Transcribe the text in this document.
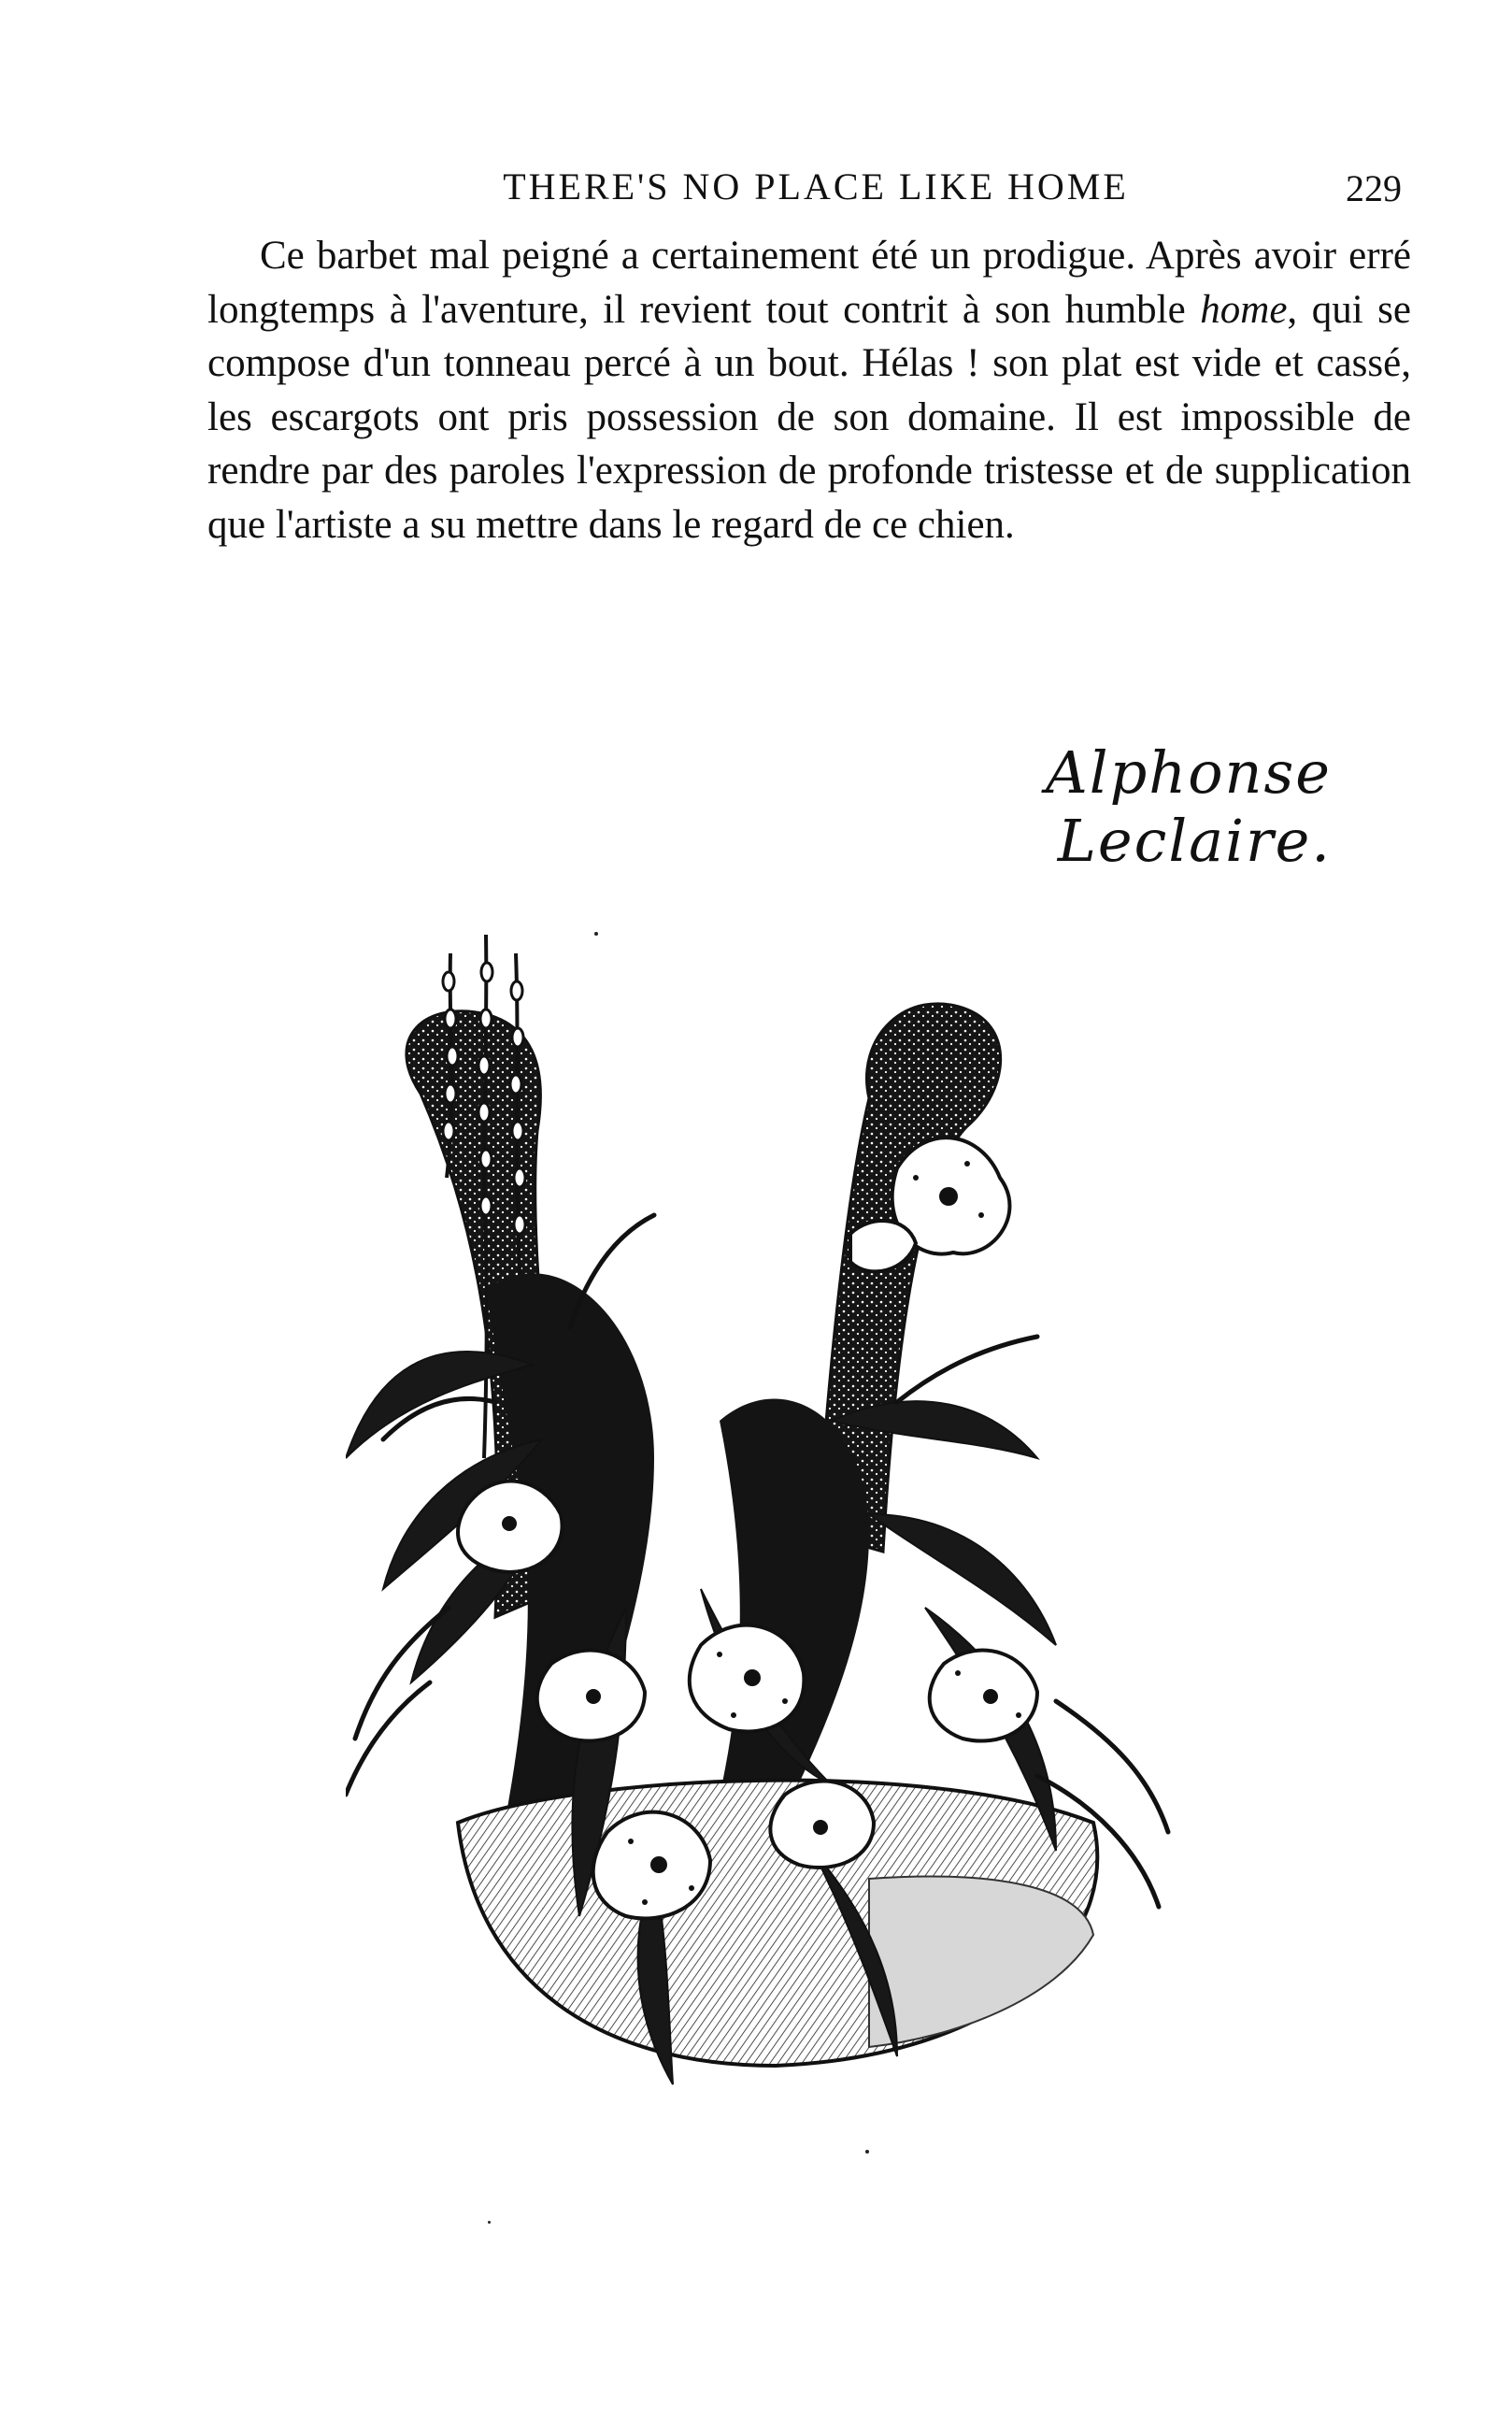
THERE'S NO PLACE LIKE HOME	229

Ce barbet mal peigné a certainement été un prodigue. Après avoir erré longtemps à l'aventure, il revient tout contrit à son humble home, qui se compose d'un tonneau percé à un bout. Hélas ! son plat est vide et cassé, les escargots ont pris possession de son domaine. Il est impossible de rendre par des paroles l'expression de profonde tristesse et de supplication que l'artiste a su mettre dans le regard de ce chien.

Alphonse Leclaire.
